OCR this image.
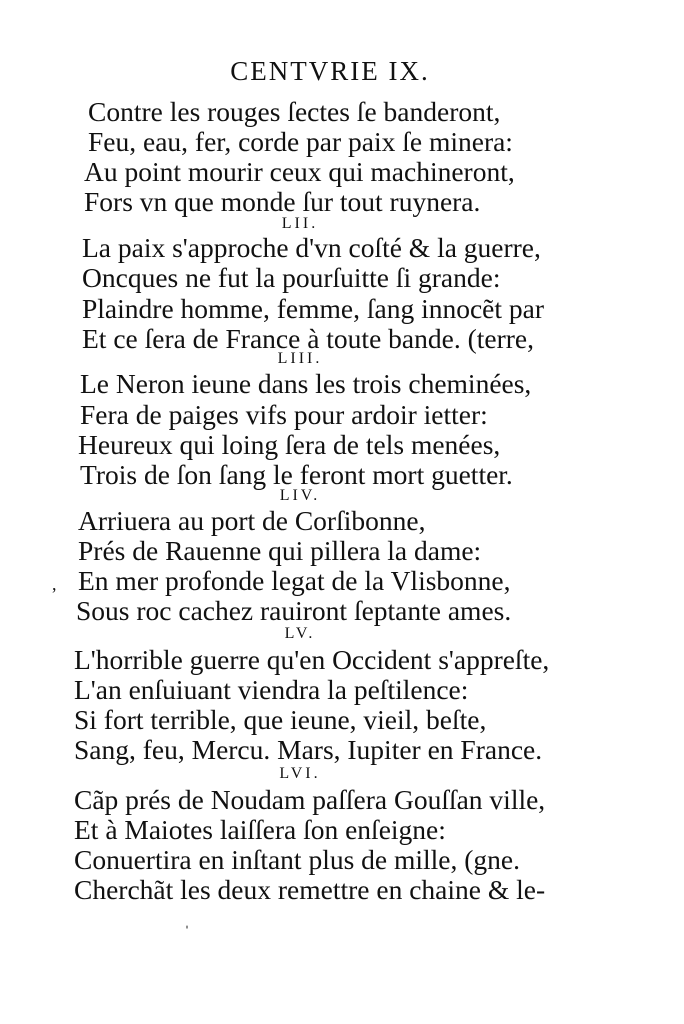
CENTVRIE IX.
Contre les rouges ſectes ſe banderont,
Feu, eau, fer, corde par paix ſe minera:
Au point mourir ceux qui machineront,
Fors vn que monde ſur tout ruynera.
LII.
La paix s'approche d'vn coſté & la guerre,
Oncques ne fut la pourſuitte ſi grande:
Plaindre homme, femme, ſang innocẽt par
Et ce ſera de France à toute bande. (terre,
LIII.
Le Neron ieune dans les trois cheminées,
Fera de paiges vifs pour ardoir ietter:
Heureux qui loing ſera de tels menées,
Trois de ſon ſang le feront mort guetter.
LIV.
Arriuera au port de Corſibonne,
Prés de Rauenne qui pillera la dame:
, En mer profonde legat de la Vlisbonne,
Sous roc cachez rauiront ſeptante ames.
LV.
L'horrible guerre qu'en Occident s'appreſte,
L'an enſuiuant viendra la peſtilence:
Si fort terrible, que ieune, vieil, beſte,
Sang, feu, Mercu. Mars, Iupiter en France.
LVI.
Cãp prés de Noudam paſſera Gouſſan ville,
Et à Maiotes laiſſera ſon enſeigne:
Conuertira en inſtant plus de mille, (gne.
Cherchãt les deux remettre en chaine & le-
ˈ
